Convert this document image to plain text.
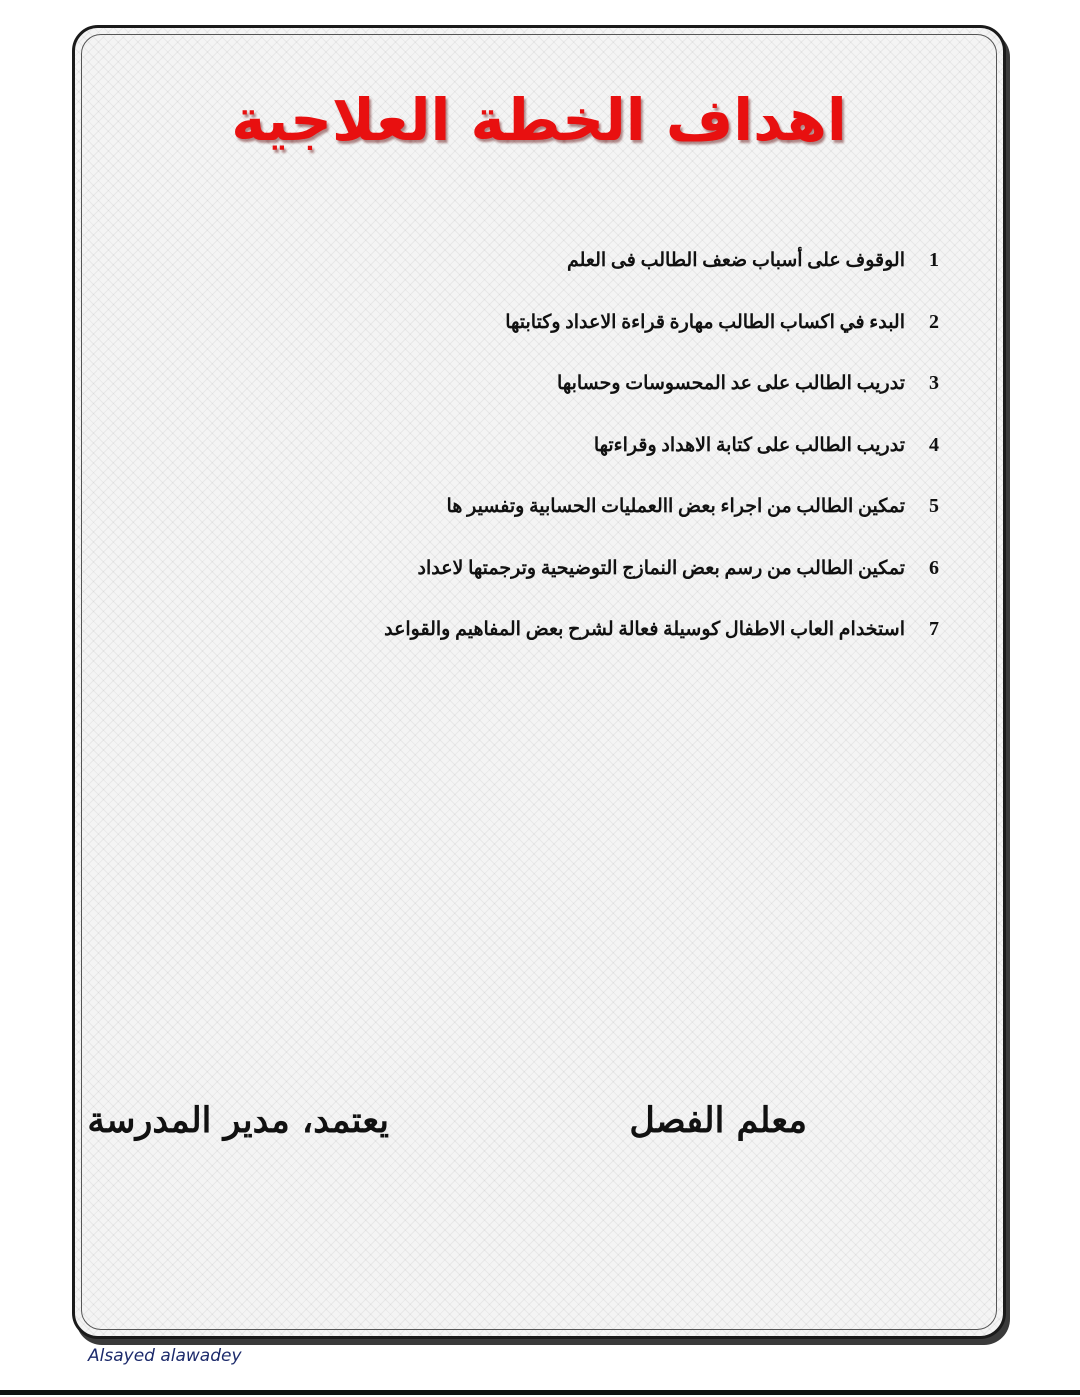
اهداف الخطة العلاجية
1
الوقوف على أسباب ضعف الطالب فى العلم
2
البدء في اكساب الطالب مهارة قراءة الاعداد وكتابتها
3
تدريب الطالب على عد المحسوسات وحسابها
4
تدريب الطالب على كتابة الاهداد وقراءتها
5
تمكين الطالب من اجراء بعض االعمليات الحسابية وتفسير ها
6
تمكين الطالب من رسم بعض النمازج التوضيحية وترجمتها لاعداد
7
استخدام العاب الاطفال كوسيلة فعالة لشرح بعض المفاهيم والقواعد
معلم الفصل
يعتمد، مدير المدرسة
Alsayed alawadey
